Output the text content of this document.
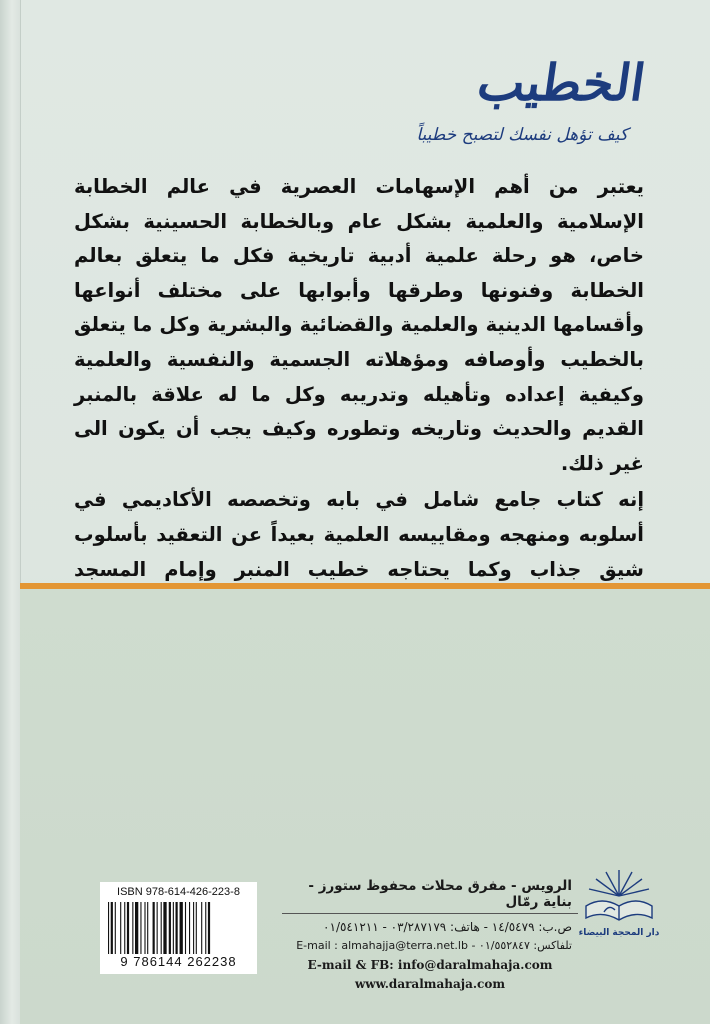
الخطيب
كيف تؤهل نفسك لتصبح خطيباً

يعتبر من أهم الإسهامات العصرية في عالم الخطابة الإسلامية والعلمية بشكل عام وبالخطابة الحسينية بشكل خاص، هو رحلة علمية أدبية تاريخية فكل ما يتعلق بعالم الخطابة وفنونها وطرقها وأبوابها على مختلف أنواعها وأقسامها الدينية والعلمية والقضائية والبشرية وكل ما يتعلق بالخطيب وأوصافه ومؤهلاته الجسمية والنفسية والعلمية وكيفية إعداده وتأهيله وتدريبه وكل ما له علاقة بالمنبر القديم والحديث وتاريخه وتطوره وكيف يجب أن يكون الى غير ذلك.

إنه كتاب جامع شامل في بابه وتخصصه الأكاديمي في أسلوبه ومنهجه ومقاييسه العلمية بعيداً عن التعقيد بأسلوب شيق جذاب وكما يحتاجه خطيب المنبر وإمام المسجد

ISBN 978-614-426-223-8
9 786144 262238
الرويس - مفرق محلات محفوظ ستورز - بناية رمّال
ص.ب: ١٤/٥٤٧٩ - هاتف: ٠٣/٢٨٧١٧٩ - ٠١/٥٤١٢١١
تلفاكس: ٠١/٥٥٢٨٤٧ - E-mail : almahajja@terra.net.lb
E-mail & FB: info@daralmahaja.com
www.daralmahaja.com
دار المحجة البيضاء
